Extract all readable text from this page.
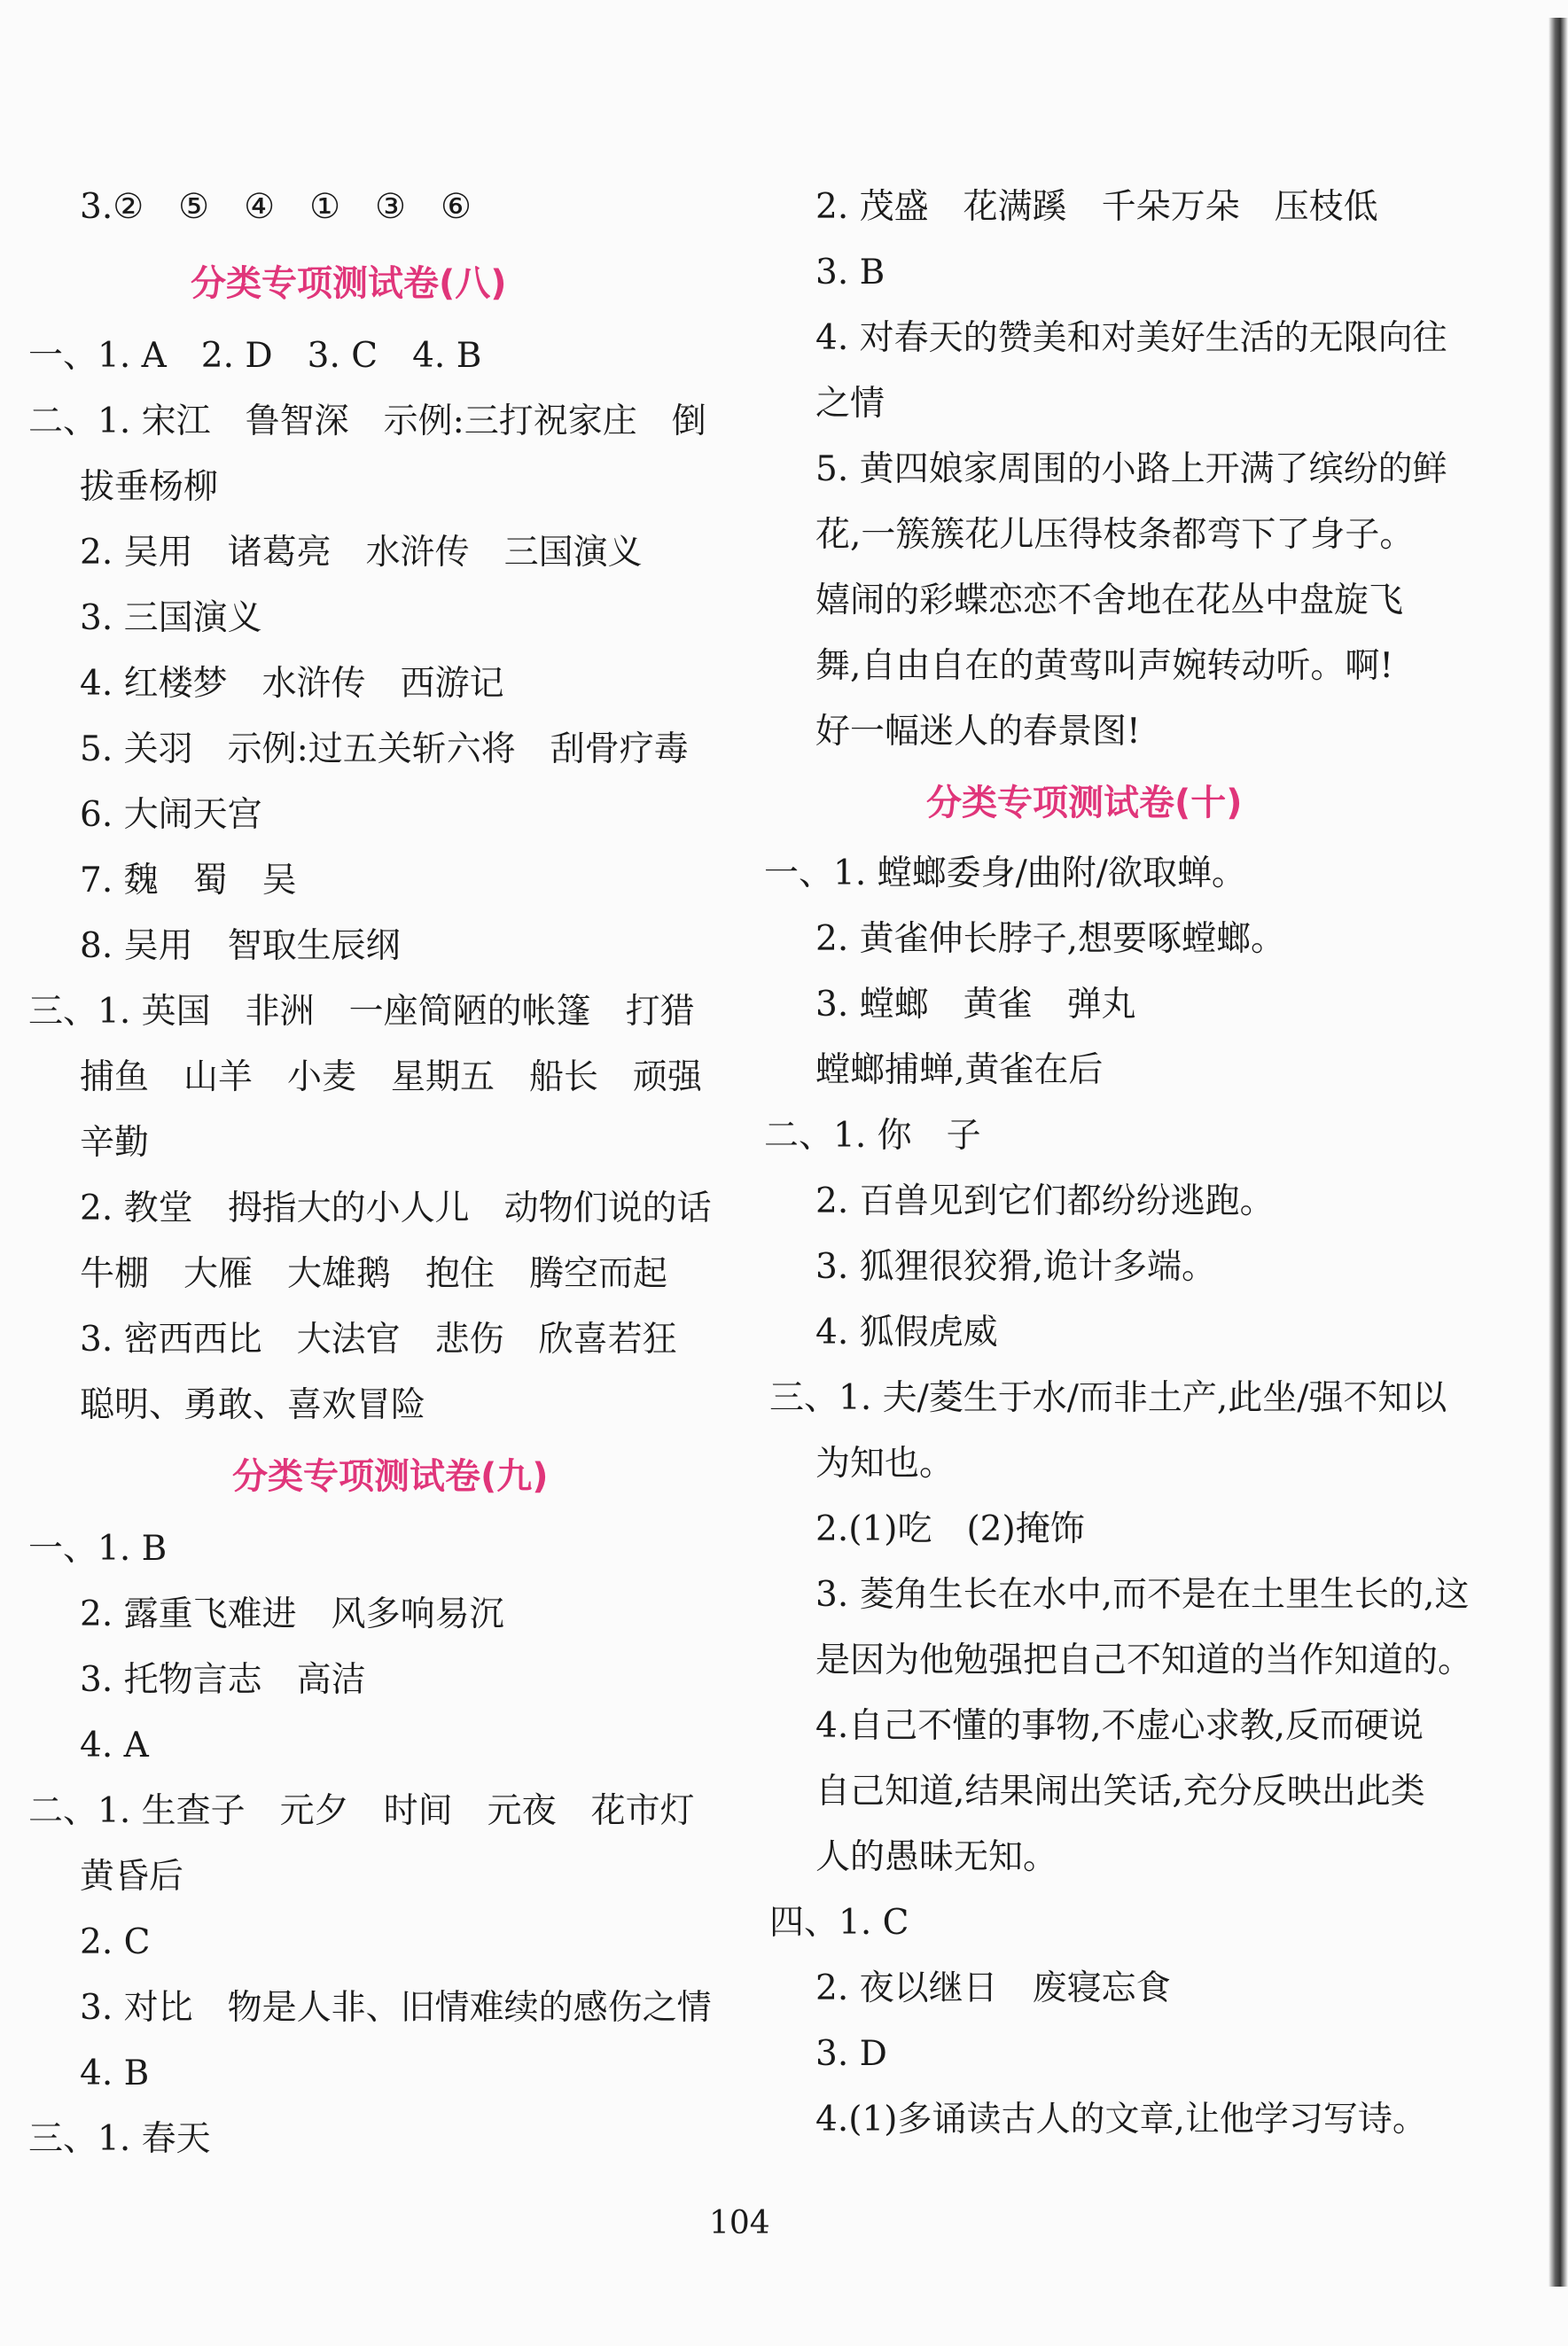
3.②　⑤　④　①　③　⑥
分类专项测试卷(八)
一、1. A　2. D　3. C　4. B
二、1. 宋江　鲁智深　示例:三打祝家庄　倒
拔垂杨柳
2. 吴用　诸葛亮　水浒传　三国演义
3. 三国演义
4. 红楼梦　水浒传　西游记
5. 关羽　示例:过五关斩六将　刮骨疗毒
6. 大闹天宫
7. 魏　蜀　吴
8. 吴用　智取生辰纲
三、1. 英国　非洲　一座简陋的帐篷　打猎
捕鱼　山羊　小麦　星期五　船长　顽强
辛勤
2. 教堂　拇指大的小人儿　动物们说的话
牛棚　大雁　大雄鹅　抱住　腾空而起
3. 密西西比　大法官　悲伤　欣喜若狂
聪明、勇敢、喜欢冒险
分类专项测试卷(九)
一、1. B
2. 露重飞难进　风多响易沉
3. 托物言志　高洁
4. A
二、1. 生查子　元夕　时间　元夜　花市灯
黄昏后
2. C
3. 对比　物是人非、旧情难续的感伤之情
4. B
三、1. 春天
2. 茂盛　花满蹊　千朵万朵　压枝低
3. B
4. 对春天的赞美和对美好生活的无限向往
之情
5. 黄四娘家周围的小路上开满了缤纷的鲜
花,一簇簇花儿压得枝条都弯下了身子。
嬉闹的彩蝶恋恋不舍地在花丛中盘旋飞
舞,自由自在的黄莺叫声婉转动听。啊!
好一幅迷人的春景图!
分类专项测试卷(十)
一、1. 螳螂委身/曲附/欲取蝉。
2. 黄雀伸长脖子,想要啄螳螂。
3. 螳螂　黄雀　弹丸
螳螂捕蝉,黄雀在后
二、1. 你　子
2. 百兽见到它们都纷纷逃跑。
3. 狐狸很狡猾,诡计多端。
4. 狐假虎威
三、1. 夫/菱生于水/而非土产,此坐/强不知以
为知也。
2.(1)吃　(2)掩饰
3. 菱角生长在水中,而不是在土里生长的,这
是因为他勉强把自己不知道的当作知道的。
4.自己不懂的事物,不虚心求教,反而硬说
自己知道,结果闹出笑话,充分反映出此类
人的愚昧无知。
四、1. C
2. 夜以继日　废寝忘食
3. D
4.(1)多诵读古人的文章,让他学习写诗。
104
